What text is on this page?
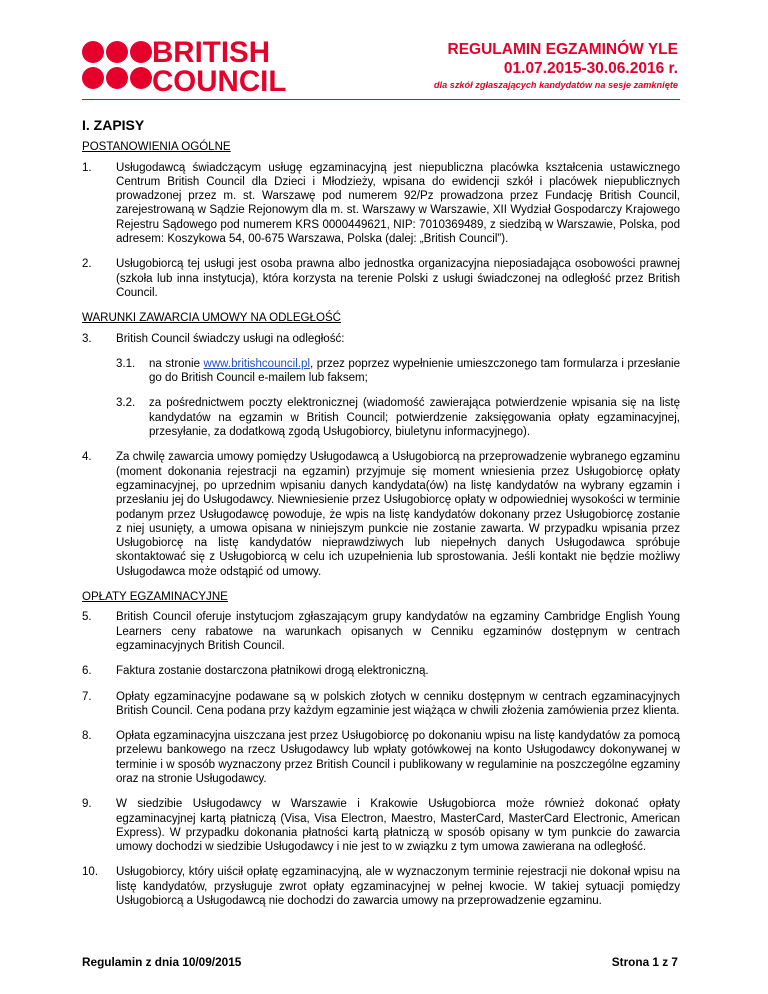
BRITISH
COUNCIL
REGULAMIN EGZAMINÓW YLE
01.07.2015-30.06.2016 r.
dla szkół zgłaszających kandydatów na sesje zamknięte
I. ZAPISY
POSTANOWIENIA OGÓLNE
1.	Usługodawcą świadczącym usługę egzaminacyjną jest niepubliczna placówka kształcenia ustawicznego Centrum British Council dla Dzieci i Młodzieży, wpisana do ewidencji szkół i placówek niepublicznych prowadzonej przez m. st. Warszawę pod numerem 92/Pz prowadzona przez Fundację British Council, zarejestrowaną w Sądzie Rejonowym dla m. st. Warszawy w Warszawie, XII Wydział Gospodarczy Krajowego Rejestru Sądowego pod numerem KRS 0000449621, NIP: 7010369489, z siedzibą w Warszawie, Polska, pod adresem: Koszykowa 54, 00-675 Warszawa, Polska (dalej: „British Council”).
2.	Usługobiorcą tej usługi jest osoba prawna albo jednostka organizacyjna nieposiadająca osobowości prawnej (szkoła lub inna instytucja), która korzysta na terenie Polski z usługi świadczonej na odległość przez British Council.
WARUNKI ZAWARCIA UMOWY NA ODLEGŁOŚĆ
3.	British Council świadczy usługi na odległość:
3.1.	na stronie www.britishcouncil.pl, przez poprzez wypełnienie umieszczonego tam formularza i przesłanie go do British Council e-mailem lub faksem;
3.2.	za pośrednictwem poczty elektronicznej (wiadomość zawierająca potwierdzenie wpisania się na listę kandydatów na egzamin w British Council; potwierdzenie zaksięgowania opłaty egzaminacyjnej, przesyłanie, za dodatkową zgodą Usługobiorcy, biuletynu informacyjnego).
4.	Za chwilę zawarcia umowy pomiędzy Usługodawcą a Usługobiorcą na przeprowadzenie wybranego egzaminu (moment dokonania rejestracji na egzamin) przyjmuje się moment wniesienia przez Usługobiorcę opłaty egzaminacyjnej, po uprzednim wpisaniu danych kandydata(ów) na listę kandydatów na wybrany egzamin i przesłaniu jej do Usługodawcy. Niewniesienie przez Usługobiorcę opłaty w odpowiedniej wysokości w terminie podanym przez Usługodawcę powoduje, że wpis na listę kandydatów dokonany przez Usługobiorcę zostanie z niej usunięty, a umowa opisana w niniejszym punkcie nie zostanie zawarta. W przypadku wpisania przez Usługobiorcę na listę kandydatów nieprawdziwych lub niepełnych danych Usługodawca spróbuje skontaktować się z Usługobiorcą w celu ich uzupełnienia lub sprostowania. Jeśli kontakt nie będzie możliwy Usługodawca może odstąpić od umowy.
OPŁATY EGZAMINACYJNE
5.	British Council oferuje instytucjom zgłaszającym grupy kandydatów na egzaminy Cambridge English Young Learners ceny rabatowe na warunkach opisanych w Cenniku egzaminów dostępnym w centrach egzaminacyjnych British Council.
6.	Faktura zostanie dostarczona płatnikowi drogą elektroniczną.
7.	Opłaty egzaminacyjne podawane są w polskich złotych w cenniku dostępnym w centrach egzaminacyjnych British Council. Cena podana przy każdym egzaminie jest wiążąca w chwili złożenia zamówienia przez klienta.
8.	Opłata egzaminacyjna uiszczana jest przez Usługobiorcę po dokonaniu wpisu na listę kandydatów za pomocą przelewu bankowego na rzecz Usługodawcy lub wpłaty gotówkowej na konto Usługodawcy dokonywanej w terminie i w sposób wyznaczony przez British Council i publikowany w regulaminie na poszczególne egzaminy oraz na stronie Usługodawcy.
9.	W siedzibie Usługodawcy w Warszawie i Krakowie Usługobiorca może również dokonać opłaty egzaminacyjnej kartą płatniczą (Visa, Visa Electron, Maestro, MasterCard, MasterCard Electronic, American Express). W przypadku dokonania płatności kartą płatniczą w sposób opisany w tym punkcie do zawarcia umowy dochodzi w siedzibie Usługodawcy i nie jest to w związku z tym umowa zawierana na odległość.
10.	Usługobiorcy, który uiścił opłatę egzaminacyjną, ale w wyznaczonym terminie rejestracji nie dokonał wpisu na listę kandydatów, przysługuje zwrot opłaty egzaminacyjnej w pełnej kwocie. W takiej sytuacji pomiędzy Usługobiorcą a Usługodawcą nie dochodzi do zawarcia umowy na przeprowadzenie egzaminu.
Regulamin z dnia 10/09/2015	Strona 1 z 7
